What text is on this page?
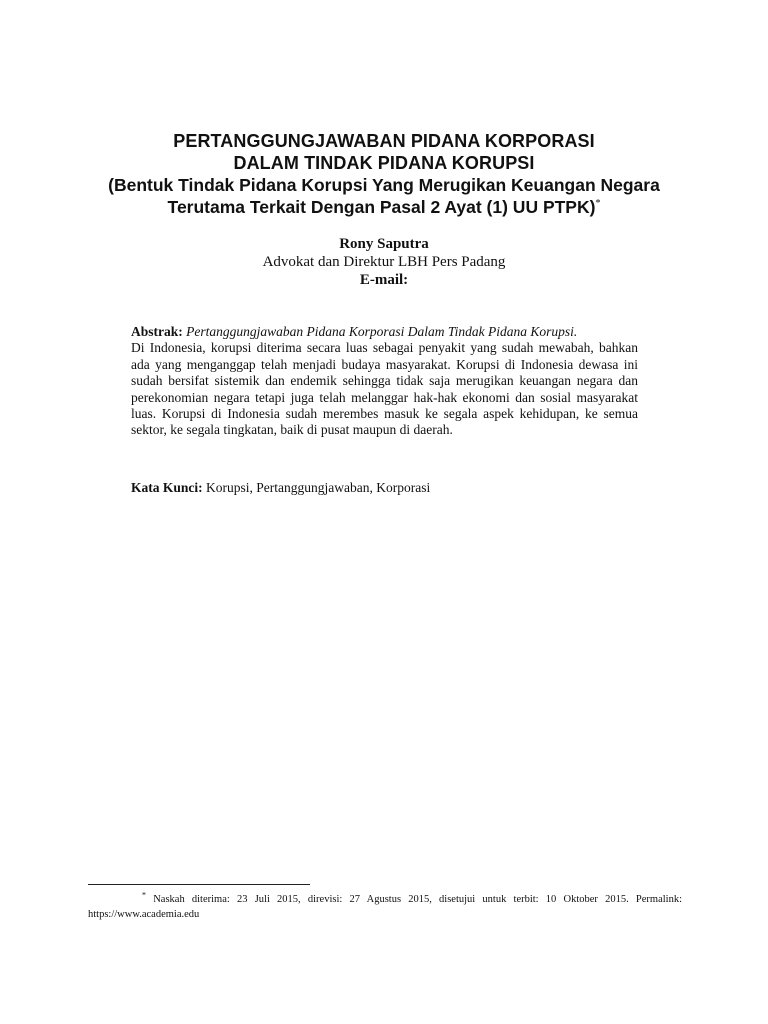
PERTANGGUNGJAWABAN PIDANA KORPORASI
DALAM TINDAK PIDANA KORUPSI
(Bentuk Tindak Pidana Korupsi Yang Merugikan Keuangan Negara
Terutama Terkait Dengan Pasal 2 Ayat (1) UU PTPK)*
Rony Saputra
Advokat dan Direktur LBH Pers Padang
E-mail:

Abstrak: Pertanggungjawaban Pidana Korporasi Dalam Tindak Pidana Korupsi.

Di Indonesia, korupsi diterima secara luas sebagai penyakit yang sudah mewabah, bahkan ada yang menganggap telah menjadi budaya masyarakat. Korupsi di Indonesia dewasa ini sudah bersifat sistemik dan endemik sehingga tidak saja merugikan keuangan negara dan perekonomian negara tetapi juga telah melanggar hak-hak ekonomi dan sosial masyarakat luas. Korupsi di Indonesia sudah merembes masuk ke segala aspek kehidupan, ke semua sektor, ke segala tingkatan, baik di pusat maupun di daerah.

Kata Kunci: Korupsi, Pertanggungjawaban, Korporasi
* Naskah diterima: 23 Juli 2015, direvisi: 27 Agustus 2015, disetujui untuk terbit: 10 Oktober 2015. Permalink: https://www.academia.edu
